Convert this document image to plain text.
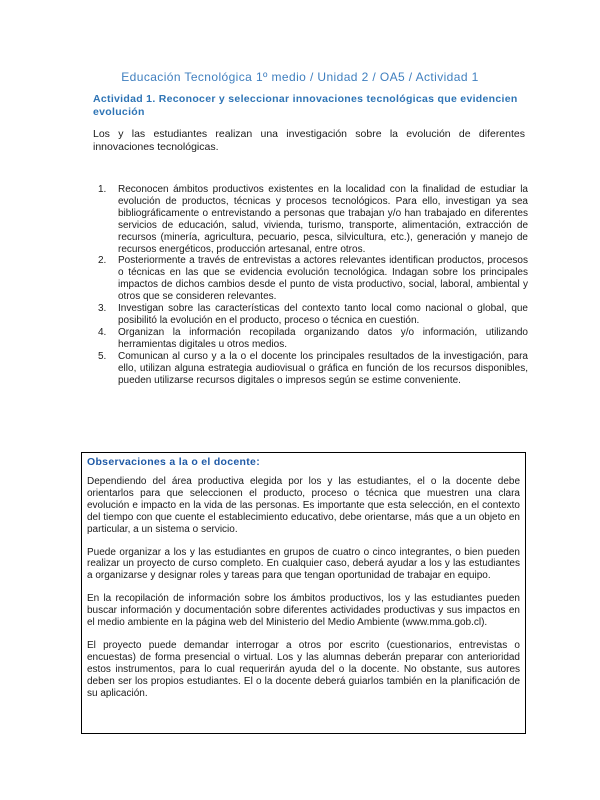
Educación Tecnológica 1º medio / Unidad 2 / OA5 / Actividad 1
Actividad 1. Reconocer y seleccionar innovaciones tecnológicas que evidencien evolución
Los y las estudiantes realizan una investigación sobre la evolución de diferentes innovaciones tecnológicas.
1. Reconocen ámbitos productivos existentes en la localidad con la finalidad de estudiar la evolución de productos, técnicas y procesos tecnológicos. Para ello, investigan ya sea bibliográficamente o entrevistando a personas que trabajan y/o han trabajado en diferentes servicios de educación, salud, vivienda, turismo, transporte, alimentación, extracción de recursos (minería, agricultura, pecuario, pesca, silvicultura, etc.), generación y manejo de recursos energéticos, producción artesanal, entre otros.
2. Posteriormente a través de entrevistas a actores relevantes identifican productos, procesos o técnicas en las que se evidencia evolución tecnológica. Indagan sobre los principales impactos de dichos cambios desde el punto de vista productivo, social, laboral, ambiental y otros que se consideren relevantes.
3. Investigan sobre las características del contexto tanto local como nacional o global, que posibilitó la evolución en el producto, proceso o técnica en cuestión.
4. Organizan la información recopilada organizando datos y/o información, utilizando herramientas digitales u otros medios.
5. Comunican al curso y a la o el docente los principales resultados de la investigación, para ello, utilizan alguna estrategia audiovisual o gráfica en función de los recursos disponibles, pueden utilizarse recursos digitales o impresos según se estime conveniente.
Observaciones a la o el docente:

Dependiendo del área productiva elegida por los y las estudiantes, el o la docente debe orientarlos para que seleccionen el producto, proceso o técnica que muestren una clara evolución e impacto en la vida de las personas. Es importante que esta selección, en el contexto del tiempo con que cuente el establecimiento educativo, debe orientarse, más que a un objeto en particular, a un sistema o servicio.

Puede organizar a los y las estudiantes en grupos de cuatro o cinco integrantes, o bien pueden realizar un proyecto de curso completo. En cualquier caso, deberá ayudar a los y las estudiantes a organizarse y designar roles y tareas para que tengan oportunidad de trabajar en equipo.

En la recopilación de información sobre los ámbitos productivos, los y las estudiantes pueden buscar información y documentación sobre diferentes actividades productivas y sus impactos en el medio ambiente en la página web del Ministerio del Medio Ambiente (www.mma.gob.cl).

El proyecto puede demandar interrogar a otros por escrito (cuestionarios, entrevistas o encuestas) de forma presencial o virtual. Los y las alumnas deberán preparar con anterioridad estos instrumentos, para lo cual requerirán ayuda del o la docente. No obstante, sus autores deben ser los propios estudiantes. El o la docente deberá guiarlos también en la planificación de su aplicación.
